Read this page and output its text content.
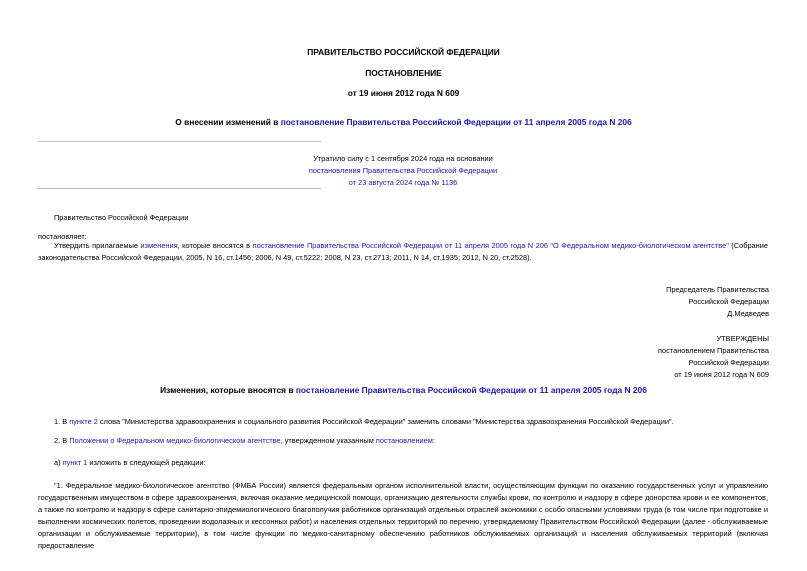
ПРАВИТЕЛЬСТВО РОССИЙСКОЙ ФЕДЕРАЦИИ
ПОСТАНОВЛЕНИЕ
от 19 июня 2012 года N 609
О внесении изменений в постановление Правительства Российской Федерации от 11 апреля 2005 года N 206
Утратило силу с 1 сентября 2024 года на основании
постановления Правительства Российской Федерации
от 23 августа 2024 года № 1136
Правительство Российской Федерации
постановляет:
Утвердить прилагаемые изменения, которые вносятся в постановление Правительства Российской Федерации от 11 апреля 2005 года N 206 "О Федеральном медико-биологическом агентстве" (Собрание законодательства Российской Федерации, 2005, N 16, ст.1456; 2006, N 49, ст.5222; 2008, N 23, ст.2713; 2011, N 14, ст.1935; 2012, N 20, ст.2528).
Председатель Правительства
Российской Федерации
Д.Медведев
УТВЕРЖДЕНЫ
постановлением Правительства
Российской Федерации
от 19 июня 2012 года N 609
Изменения, которые вносятся в постановление Правительства Российской Федерации от 11 апреля 2005 года N 206
1. В пункте 2 слова "Министерства здравоохранения и социального развития Российской Федерации" заменить словами "Министерства здравоохранения Российской Федерации".
2. В Положении о Федеральном медико-биологическом агентстве, утвержденном указанным постановлением:
а) пункт 1 изложить в следующей редакции:
"1. Федеральное медико-биологическое агентство (ФМБА России) является федеральным органом исполнительной власти, осуществляющим функции по оказанию государственных услуг и управлению государственным имуществом в сфере здравоохранения, включая оказание медицинской помощи, организацию деятельности службы крови, по контролю и надзору в сфере донорства крови и ее компонентов, а также по контролю и надзору в сфере санитарно-эпидемиологического благополучия работников организаций отдельных отраслей экономики с особо опасными условиями труда (в том числе при подготовке и выполнении космических полетов, проведении водолазных и кессонных работ) и населения отдельных территорий по перечню, утверждаемому Правительством Российской Федерации (далее - обслуживаемые организации и обслуживаемые территории), в том числе функции по медико-санитарному обеспечению работников обслуживаемых организаций и населения обслуживаемых территорий (включая предоставление
